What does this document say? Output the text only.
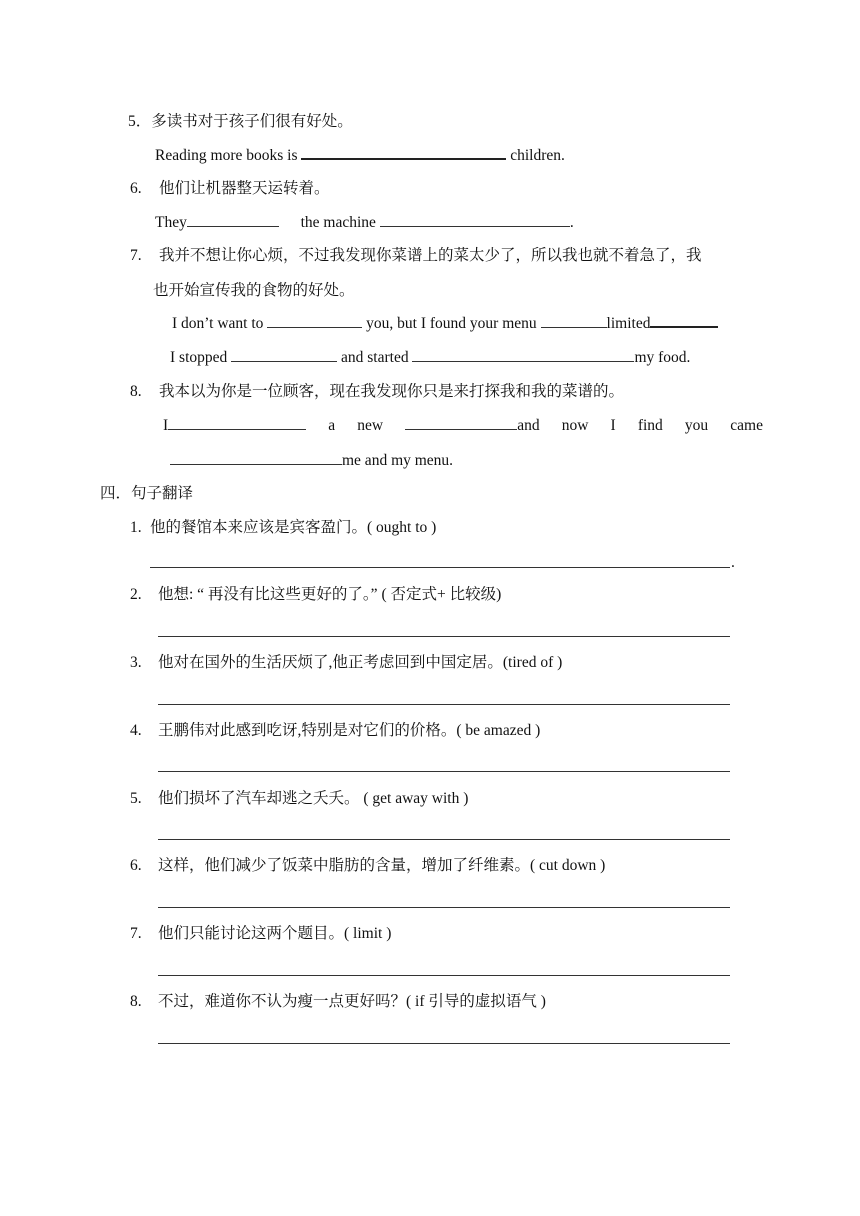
5．多读书对于孩子们很有好处。
Reading more books is	children.
6. 他们让机器整天运转着。
They	the machine	.
7. 我并不想让你心烦，不过我发现你菜谱上的菜太少了，所以我也就不着急了，我
也开始宣传我的食物的好处。
I don’t want to	you, but I found your menu	limited
I stopped	and started	my food.
8. 我本以为你是一位顾客，现在我发现你只是来打探我和我的菜谱的。
I	a new	and now I find you came
me and my menu.
四．句子翻译
1. 他的餐馆本来应该是宾客盈门。( ought to )
.
2. 他想: “ 再没有比这些更好的了。” ( 否定式+ 比较级)
3. 他对在国外的生活厌烦了,他正考虑回到中国定居。(tired of )
4. 王鹏伟对此感到吃讶,特别是对它们的价格。( be amazed )
5. 他们损坏了汽车却逃之夭夭。 ( get away with )
6. 这样，他们减少了饭菜中脂肪的含量，增加了纤维素。( cut down )
7. 他们只能讨论这两个题目。( limit )
8. 不过，难道你不认为瘦一点更好吗？( if 引导的虚拟语气 )
